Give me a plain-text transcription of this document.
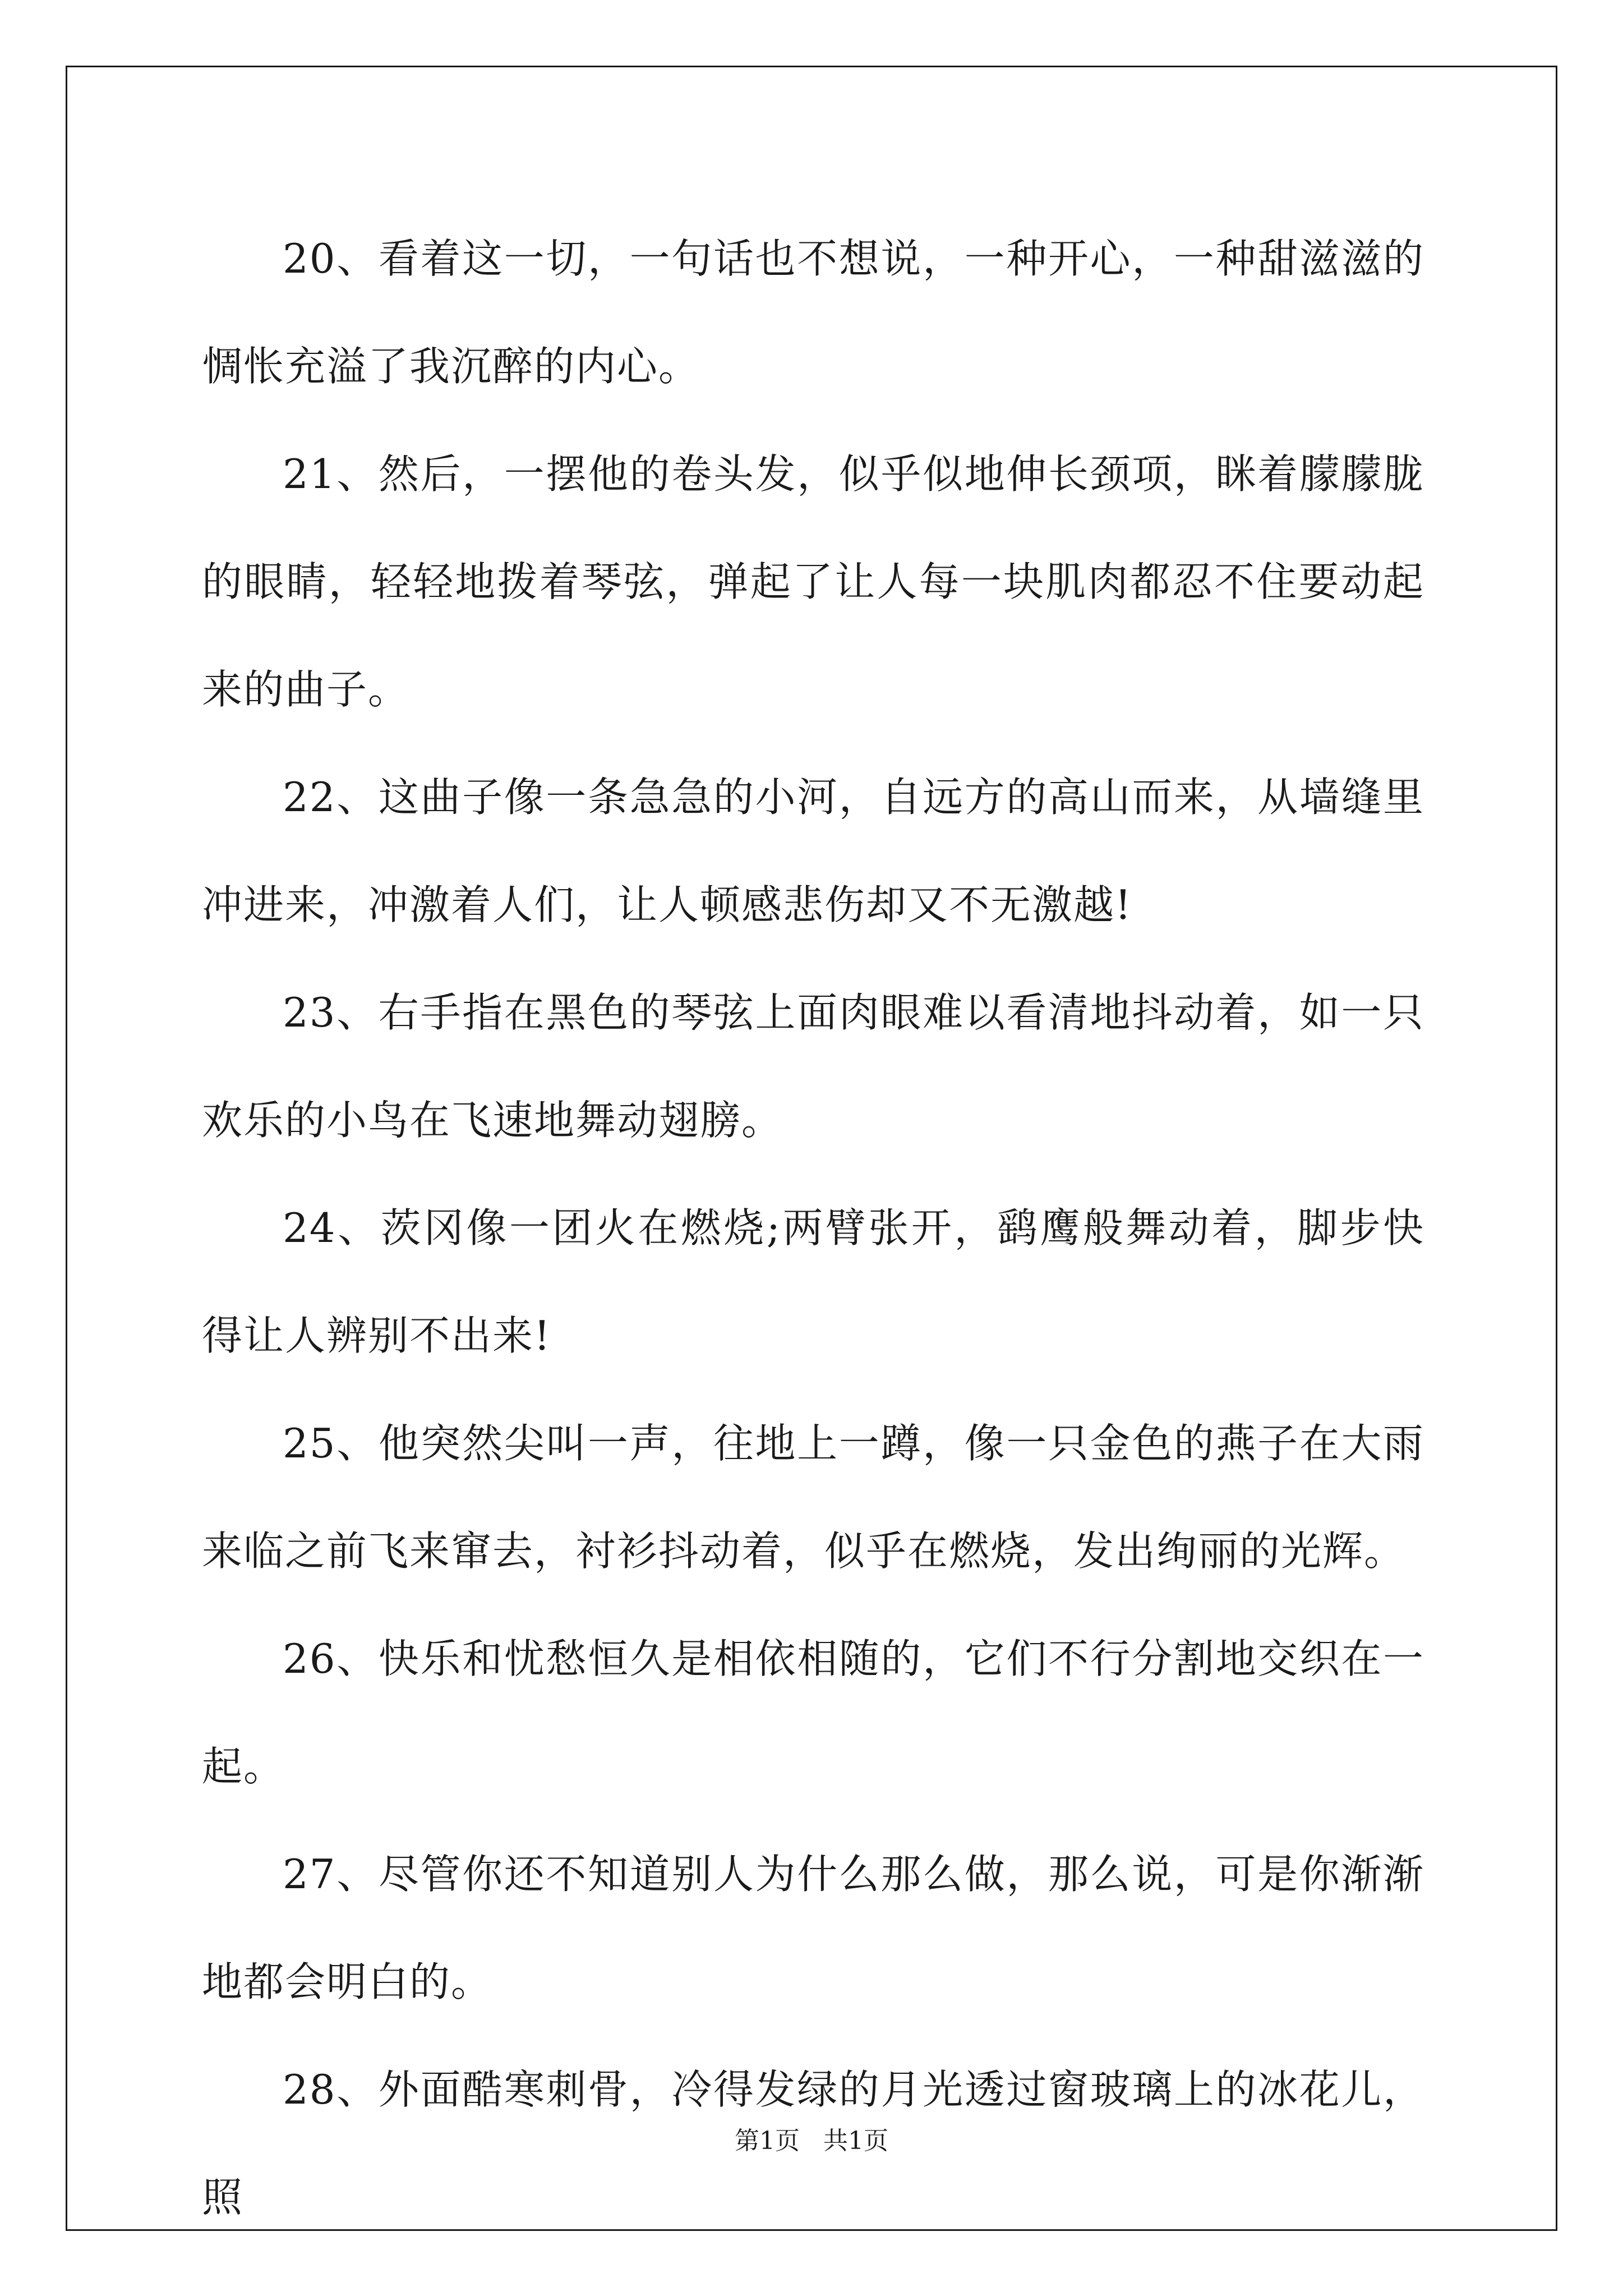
20、看着这一切，一句话也不想说，一种开心，一种甜滋滋的惆怅充溢了我沉醉的内心。

21、然后，一摆他的卷头发，似乎似地伸长颈项，眯着朦朦胧的眼睛，轻轻地拨着琴弦，弹起了让人每一块肌肉都忍不住要动起来的曲子。

22、这曲子像一条急急的小河，自远方的高山而来，从墙缝里冲进来，冲激着人们，让人顿感悲伤却又不无激越!

23、右手指在黑色的琴弦上面肉眼难以看清地抖动着，如一只欢乐的小鸟在飞速地舞动翅膀。

24、茨冈像一团火在燃烧;两臂张开，鹞鹰般舞动着，脚步快得让人辨别不出来!

25、他突然尖叫一声，往地上一蹲，像一只金色的燕子在大雨来临之前飞来窜去，衬衫抖动着，似乎在燃烧，发出绚丽的光辉。

26、快乐和忧愁恒久是相依相随的，它们不行分割地交织在一起。

27、尽管你还不知道别人为什么那么做，那么说，可是你渐渐地都会明白的。

28、外面酷寒刺骨，冷得发绿的月光透过窗玻璃上的冰花儿，照

第1页 共1页
